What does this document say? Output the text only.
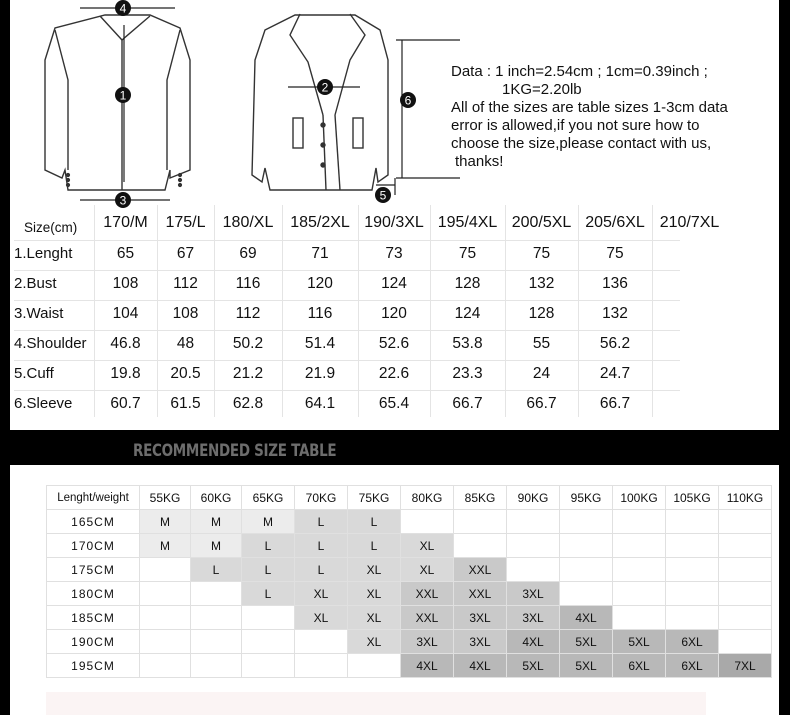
4
1
3
2
6
5
Data : 1 inch=2.54cm ; 1cm=0.39inch ;
1KG=2.20lb
All of the sizes are table sizes 1-3cm data
error is allowed,if you not sure how to
choose the size,please contact with us,
thanks!
Size(cm)	170/M	175/L	180/XL	185/2XL 190/3XL 195/4XL 200/5XL 205/6XL 210/7XL
1.Lenght	65	67	69	71	73	75	75	75
2.Bust	108	112	116	120	124	128	132	136
3.Waist	104	108	112	116	120	124	128	132
4.Shoulder	46.8	48	50.2	51.4	52.6	53.8	55	56.2
5.Cuff	19.8	20.5	21.2	21.9	22.6	23.3	24	24.7
6.Sleeve	60.7	61.5	62.8	64.1	65.4	66.7	66.7	66.7
RECOMMENDED SIZE TABLE
Lenght/weight	55KG	60KG	65KG	70KG	75KG	80KG	85KG	90KG	95KG	100KG	105KG	110KG
165CM	M	M	M	L	L							
170CM	M	M	L	L	L	XL						
175CM		L	L	L	XL	XL	XXL					
180CM			L	XL	XL	XXL	XXL	3XL				
185CM				XL	XL	XXL	3XL	3XL	4XL			
190CM					XL	3XL	3XL	4XL	5XL	5XL	6XL	
195CM						4XL	4XL	5XL	5XL	6XL	6XL	7XL
